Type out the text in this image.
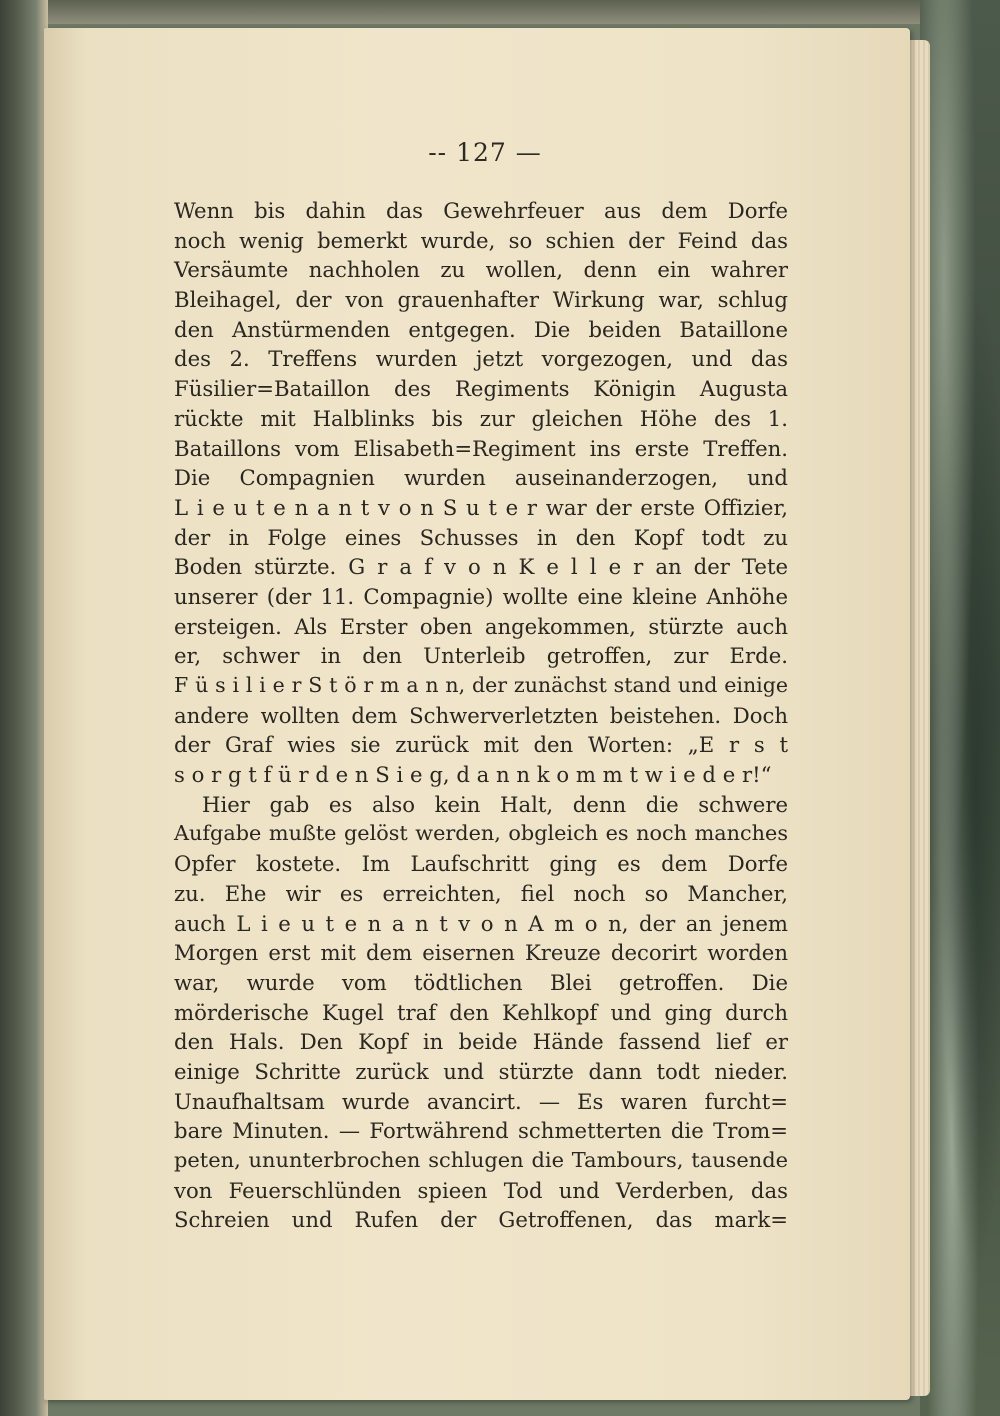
-- 127 —
Wenn bis dahin das Gewehrfeuer aus dem Dorfe
noch wenig bemerkt wurde, so schien der Feind das
Versäumte nachholen zu wollen, denn ein wahrer
Bleihagel, der von grauenhafter Wirkung war, schlug
den Anstürmenden entgegen. Die beiden Bataillone
des 2. Treffens wurden jetzt vorgezogen, und das
Füsilier=Bataillon des Regiments Königin Augusta
rückte mit Halblinks bis zur gleichen Höhe des 1.
Bataillons vom Elisabeth=Regiment ins erste Treffen.
Die Compagnien wurden auseinanderzogen, und
L i e u t e n a n t v o n S u t e r war der erste Offizier,
der in Folge eines Schusses in den Kopf todt zu
Boden stürzte. G r a f v o n K e l l e r an der Tete
unserer (der 11. Compagnie) wollte eine kleine Anhöhe
ersteigen. Als Erster oben angekommen, stürzte auch
er, schwer in den Unterleib getroffen, zur Erde.
F ü s i l i e r S t ö r m a n n, der zunächst stand und einige
andere wollten dem Schwerverletzten beistehen. Doch
der Graf wies sie zurück mit den Worten: „E r s t
s o r g t f ü r d e n S i e g, d a n n k o m m t w i e d e r!“
Hier gab es also kein Halt, denn die schwere
Aufgabe mußte gelöst werden, obgleich es noch manches
Opfer kostete. Im Laufschritt ging es dem Dorfe
zu. Ehe wir es erreichten, fiel noch so Mancher,
auch L i e u t e n a n t v o n A m o n, der an jenem
Morgen erst mit dem eisernen Kreuze decorirt worden
war, wurde vom tödtlichen Blei getroffen. Die
mörderische Kugel traf den Kehlkopf und ging durch
den Hals. Den Kopf in beide Hände fassend lief er
einige Schritte zurück und stürzte dann todt nieder.
Unaufhaltsam wurde avancirt. — Es waren furcht=
bare Minuten. — Fortwährend schmetterten die Trom=
peten, ununterbrochen schlugen die Tambours, tausende
von Feuerschlünden spieen Tod und Verderben, das
Schreien und Rufen der Getroffenen, das mark=
